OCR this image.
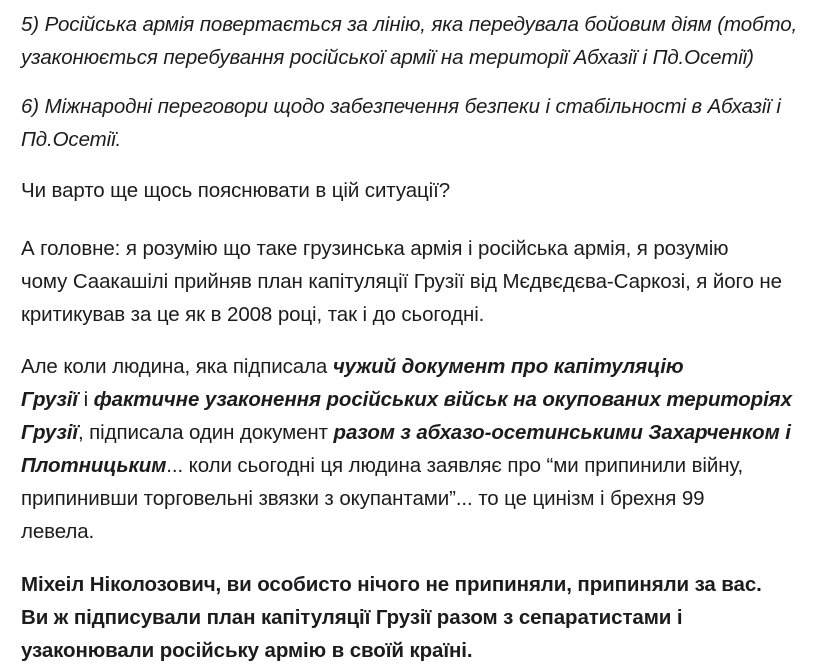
5) Російська армія повертається за лінію, яка передувала бойовим діям (тобто,
узаконюється перебування російської армії на території Абхазії і Пд.Осетії)

6) Міжнародні переговори щодо забезпечення безпеки і стабільності в Абхазії і
Пд.Осетії.

Чи варто ще щось пояснювати в цій ситуації?

А головне: я розумію що таке грузинська армія і російська армія, я розумію
чому Саакашілі прийняв план капітуляції Грузії від Мєдвєдєва-Саркозі, я його не
критикував за це як в 2008 році, так і до сьогодні.

Але коли людина, яка підписала чужий документ про капітуляцію
Грузії і фактичне узаконення російських військ на окупованих територіях
Грузії, підписала один документ разом з абхазо-осетинськими Захарченком і
Плотницьким... коли сьогодні ця людина заявляє про “ми припинили війну,
припинивши торговельні звязки з окупантами”... то це цинізм і брехня 99
левела.

Міхеіл Ніколозович, ви особисто нічого не припиняли, припиняли за вас.
Ви ж підписували план капітуляції Грузії разом з сепаратистами і
узаконювали російську армію в своїй країні.
